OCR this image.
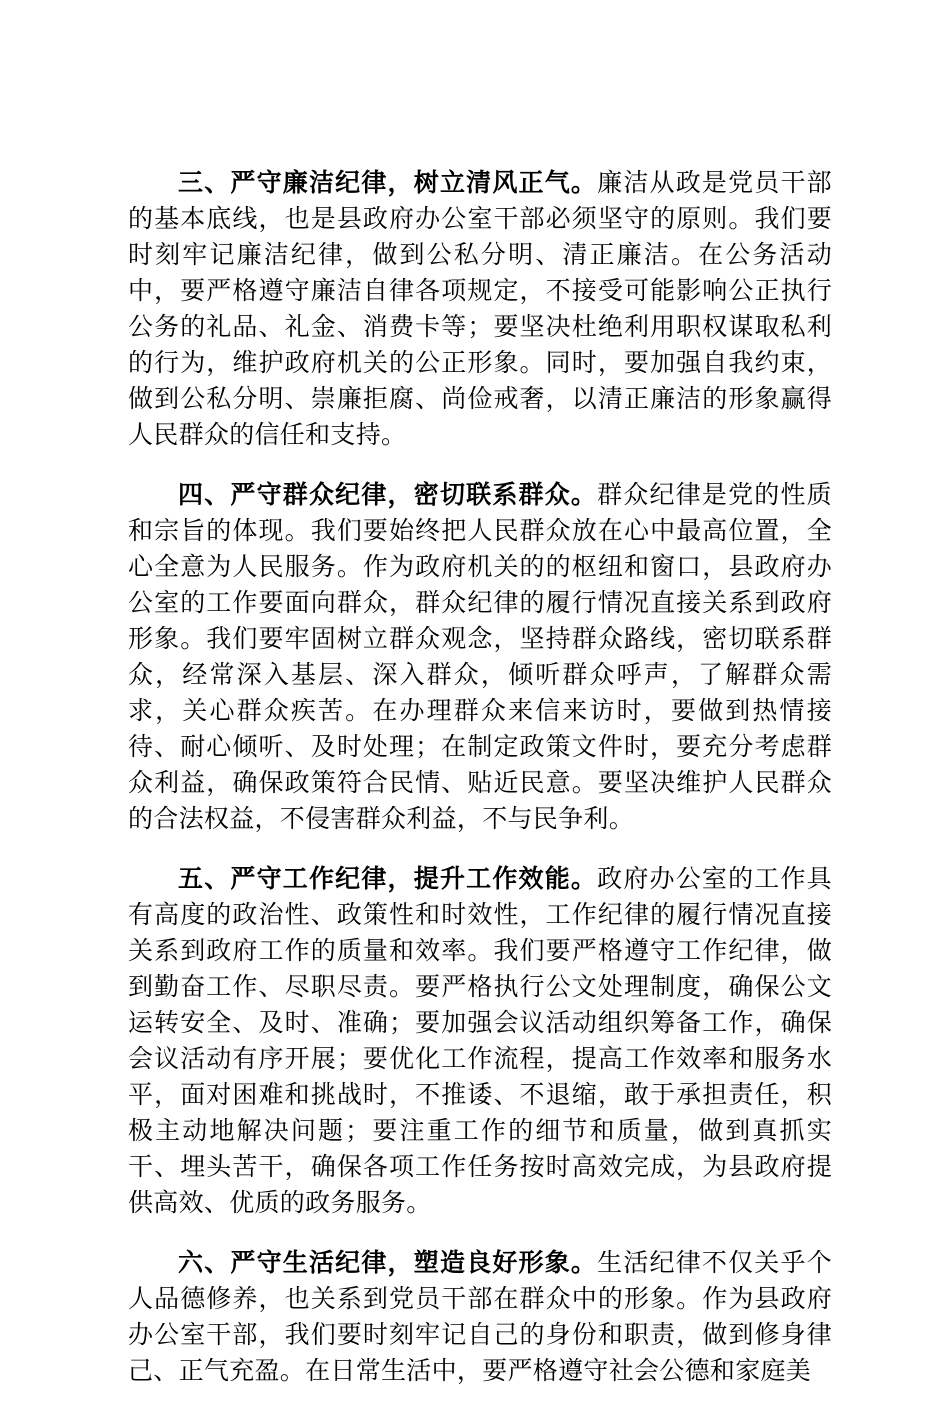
三、严守廉洁纪律，树立清风正气。廉洁从政是党员干部的基本底线，也是县政府办公室干部必须坚守的原则。我们要时刻牢记廉洁纪律，做到公私分明、清正廉洁。在公务活动中，要严格遵守廉洁自律各项规定，不接受可能影响公正执行公务的礼品、礼金、消费卡等；要坚决杜绝利用职权谋取私利的行为，维护政府机关的公正形象。同时，要加强自我约束，做到公私分明、崇廉拒腐、尚俭戒奢，以清正廉洁的形象赢得人民群众的信任和支持。

四、严守群众纪律，密切联系群众。群众纪律是党的性质和宗旨的体现。我们要始终把人民群众放在心中最高位置，全心全意为人民服务。作为政府机关的的枢纽和窗口，县政府办公室的工作要面向群众，群众纪律的履行情况直接关系到政府形象。我们要牢固树立群众观念，坚持群众路线，密切联系群众，经常深入基层、深入群众，倾听群众呼声，了解群众需求，关心群众疾苦。在办理群众来信来访时，要做到热情接待、耐心倾听、及时处理；在制定政策文件时，要充分考虑群众利益，确保政策符合民情、贴近民意。要坚决维护人民群众的合法权益，不侵害群众利益，不与民争利。

五、严守工作纪律，提升工作效能。政府办公室的工作具有高度的政治性、政策性和时效性，工作纪律的履行情况直接关系到政府工作的质量和效率。我们要严格遵守工作纪律，做到勤奋工作、尽职尽责。要严格执行公文处理制度，确保公文运转安全、及时、准确；要加强会议活动组织筹备工作，确保会议活动有序开展；要优化工作流程，提高工作效率和服务水平，面对困难和挑战时，不推诿、不退缩，敢于承担责任，积极主动地解决问题；要注重工作的细节和质量，做到真抓实干、埋头苦干，确保各项工作任务按时高效完成，为县政府提供高效、优质的政务服务。

六、严守生活纪律，塑造良好形象。生活纪律不仅关乎个人品德修养，也关系到党员干部在群众中的形象。作为县政府办公室干部，我们要时刻牢记自己的身份和职责，做到修身律己、正气充盈。在日常生活中，要严格遵守社会公德和家庭美
